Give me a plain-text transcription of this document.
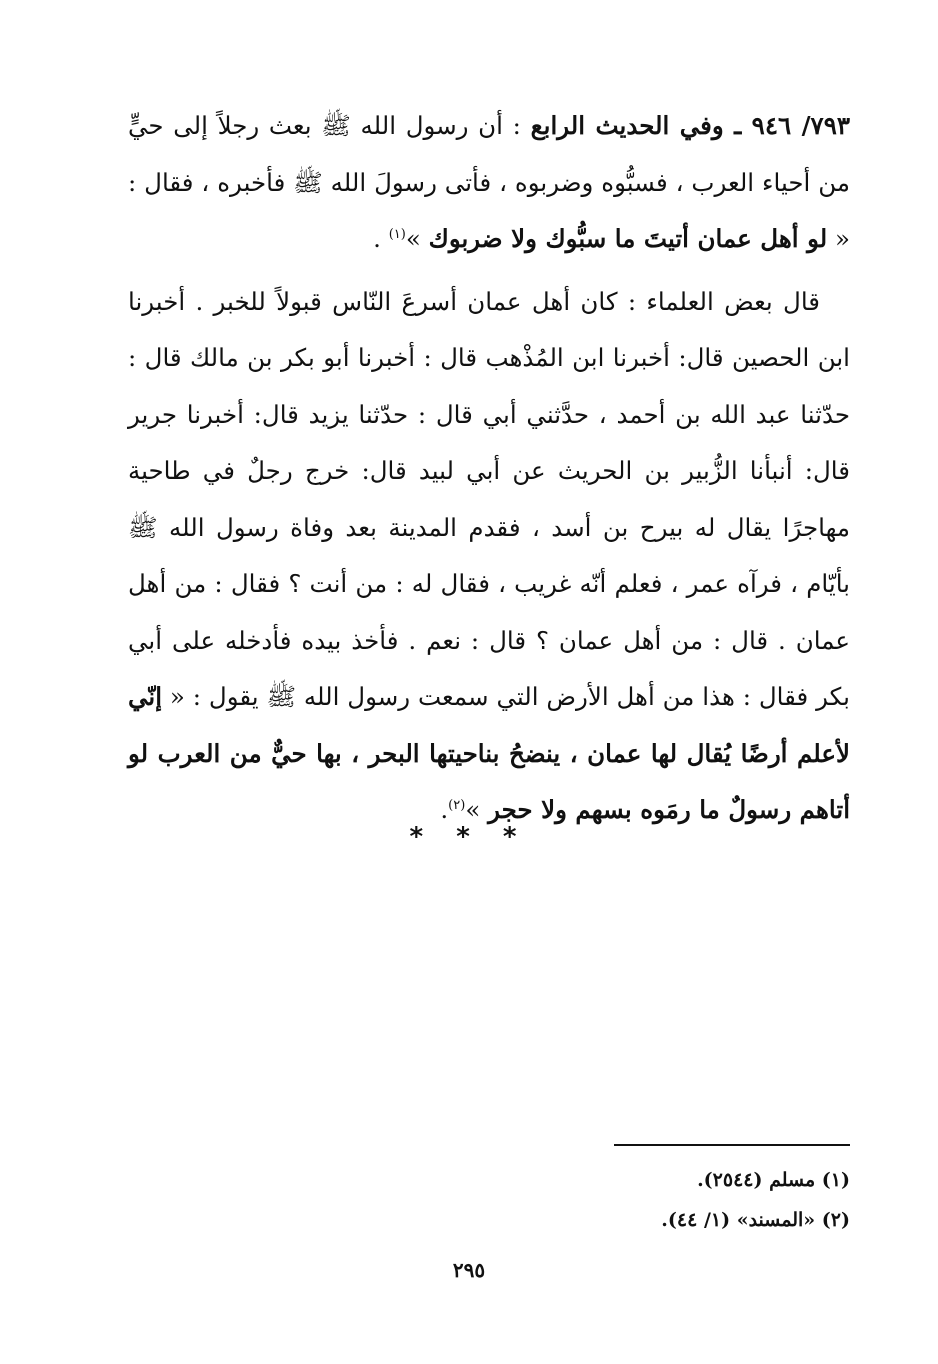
٧٩٣/ ٩٤٦ ـ وفي الحديث الرابع : أن رسول الله ﷺ بعث رجلاً إلى حيٍّ من أحياء العرب ، فسبُّوه وضربوه ، فأتى رسولَ الله ﷺ فأخبره ، فقال : « لو أهل عمان أتيتَ ما سبُّوك ولا ضربوك »$^{(١)}$ .

قال بعض العلماء : كان أهل عمان أسرعَ النّاس قبولاً للخبر . أخبرنا ابن الحصين قال: أخبرنا ابن المُذْهب قال : أخبرنا أبو بكر بن مالك قال : حدّثنا عبد الله بن أحمد ، حدَّثني أبي قال : حدّثنا يزيد قال: أخبرنا جرير قال: أنبأنا الزُّبير بن الحريث عن أبي لبيد قال: خرج رجلٌ في طاحية مهاجرًا يقال له بيرح بن أسد ، فقدم المدينة بعد وفاة رسول الله ﷺ بأيّام ، فرآه عمر ، فعلم أنّه غريب ، فقال له : من أنت ؟ فقال : من أهل عمان . قال : من أهل عمان ؟ قال : نعم . فأخذ بيده فأدخله على أبي بكر فقال : هذا من أهل الأرض التي سمعت رسول الله ﷺ يقول : « إنّي لأعلم أرضًا يُقال لها عمان ، ينضحُ بناحيتها البحر ، بها حيٌّ من العرب لو أتاهم رسولٌ ما رمَوه بسهم ولا حجر »$^{(٢)}$.

* * *
(١) مسلم (٢٥٤٤).
(٢) «المسند» (١/ ٤٤).
٢٩٥
